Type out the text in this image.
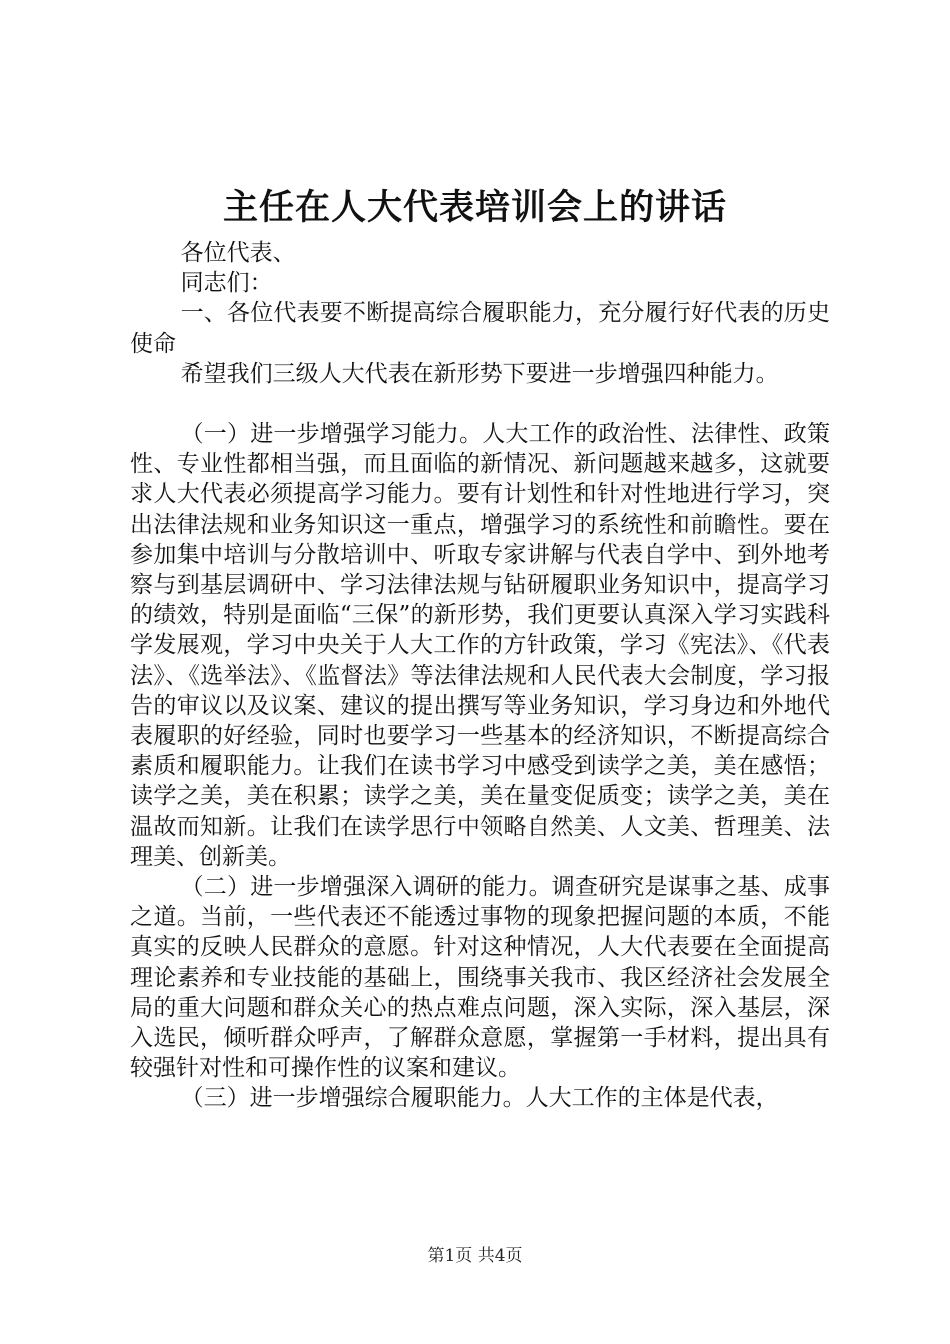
主任在人大代表培训会上的讲话

各位代表、

同志们：

一、各位代表要不断提高综合履职能力，充分履行好代表的历史使命

希望我们三级人大代表在新形势下要进一步增强四种能力。

（一）进一步增强学习能力。人大工作的政治性、法律性、政策性、专业性都相当强，而且面临的新情况、新问题越来越多，这就要求人大代表必须提高学习能力。要有计划性和针对性地进行学习，突出法律法规和业务知识这一重点，增强学习的系统性和前瞻性。要在参加集中培训与分散培训中、听取专家讲解与代表自学中、到外地考察与到基层调研中、学习法律法规与钻研履职业务知识中，提高学习的绩效，特别是面临“三保”的新形势，我们更要认真深入学习实践科学发展观，学习中央关于人大工作的方针政策，学习《宪法》、《代表法》、《选举法》、《监督法》等法律法规和人民代表大会制度，学习报告的审议以及议案、建议的提出撰写等业务知识，学习身边和外地代表履职的好经验，同时也要学习一些基本的经济知识，不断提高综合素质和履职能力。让我们在读书学习中感受到读学之美，美在感悟；读学之美，美在积累；读学之美，美在量变促质变；读学之美，美在温故而知新。让我们在读学思行中领略自然美、人文美、哲理美、法理美、创新美。

（二）进一步增强深入调研的能力。调查研究是谋事之基、成事之道。当前，一些代表还不能透过事物的现象把握问题的本质，不能真实的反映人民群众的意愿。针对这种情况，人大代表要在全面提高理论素养和专业技能的基础上，围绕事关我市、我区经济社会发展全局的重大问题和群众关心的热点难点问题，深入实际，深入基层，深入选民，倾听群众呼声，了解群众意愿，掌握第一手材料，提出具有较强针对性和可操作性的议案和建议。

（三）进一步增强综合履职能力。人大工作的主体是代表，

第1页 共4页
